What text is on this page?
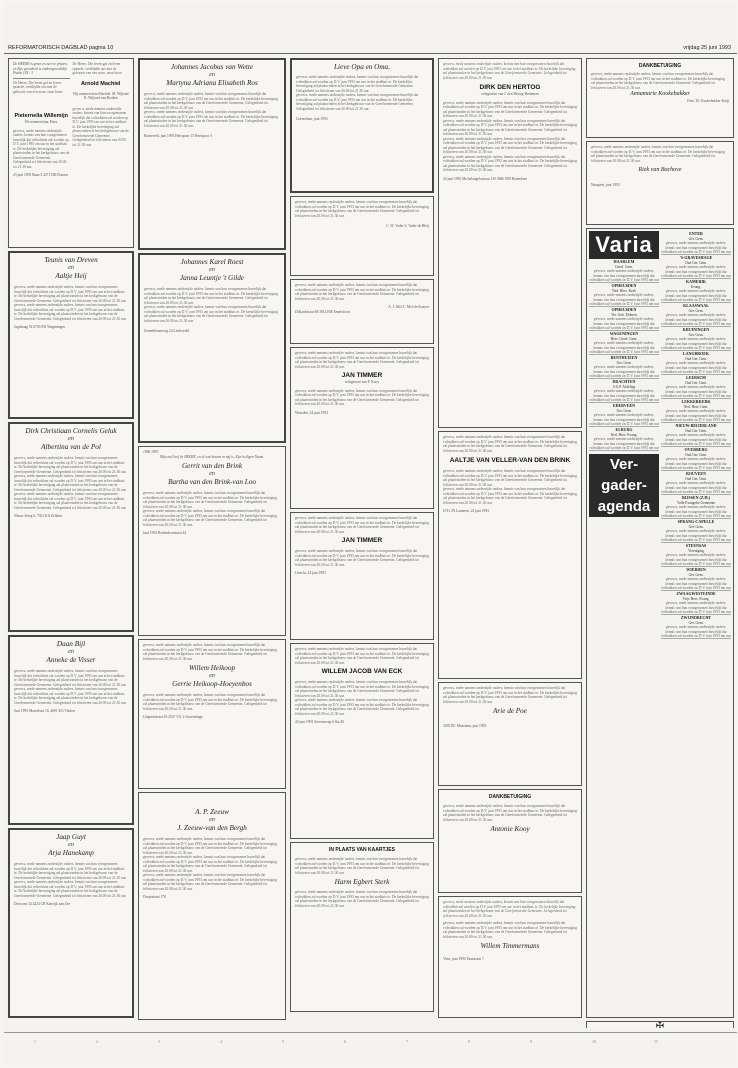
REFORMATORISCH DAGBLAD pagina 10	vrijdag 25 juni 1993
De HEERE is groot en zeer te prijzen, en Zijn grootheid is ondoorgrondelijk. Psalm 145 : 3
De Heere, Die leven gaf en leven spaarde, verblijdde ons met de geboorte van een zoon, onze broer
Pieternella Willemijn
We noemen haar Petra.
geven u, mede namens onderzijde ouders, kennis van hun voorgenomen huwelijk dat voltrokken zal worden op D.V. juni 1993 om uur in het stadhuis te. De kerkelijke bevestiging zal plaatsvinden in het kerkgebouw van de Gereformeerde Gemeente. Gelegenheid tot feliciteren van 20.00 tot 21.30 uur.
De Heere, Die leven gaf en leven spaarde, verblijdde ons met de geboorte van een zoon, onze broer
Arnold Machiel
Wij noemen hem Machiel. M. Wijland N. Wijland-van Reuken
geven u, mede namens onderzijde ouders, kennis van hun voorgenomen huwelijk dat voltrokken zal worden op D.V. juni 1993 om uur in het stadhuis te. De kerkelijke bevestiging zal plaatsvinden in het kerkgebouw van de Gereformeerde Gemeente. Gelegenheid tot feliciteren van 20.00 tot 21.30 uur.
23 juni 1993 Baan 3 4271 HD Dussen
Teunis van Dreven
en
Aaltje Heij
geven u, mede namens onderzijde ouders, kennis van hun voorgenomen huwelijk dat voltrokken zal worden op D.V. juni 1993 om uur in het stadhuis te. De kerkelijke bevestiging zal plaatsvinden in het kerkgebouw van de Gereformeerde Gemeente. Gelegenheid tot feliciteren van 20.00 tot 21.30 uur.
geven u, mede namens onderzijde ouders, kennis van hun voorgenomen huwelijk dat voltrokken zal worden op D.V. juni 1993 om uur in het stadhuis te. De kerkelijke bevestiging zal plaatsvinden in het kerkgebouw van de Gereformeerde Gemeente. Gelegenheid tot feliciteren van 20.00 tot 21.30 uur.
Jagtshaag 54 6700 EN Wageningen
Dirk Christiaan Cornelis Geluk
en
Albertina van de Pol
geven u, mede namens onderzijde ouders, kennis van hun voorgenomen huwelijk dat voltrokken zal worden op D.V. juni 1993 om uur in het stadhuis te. De kerkelijke bevestiging zal plaatsvinden in het kerkgebouw van de Gereformeerde Gemeente. Gelegenheid tot feliciteren van 20.00 tot 21.30 uur.
geven u, mede namens onderzijde ouders, kennis van hun voorgenomen huwelijk dat voltrokken zal worden op D.V. juni 1993 om uur in het stadhuis te. De kerkelijke bevestiging zal plaatsvinden in het kerkgebouw van de Gereformeerde Gemeente. Gelegenheid tot feliciteren van 20.00 tot 21.30 uur.
geven u, mede namens onderzijde ouders, kennis van hun voorgenomen huwelijk dat voltrokken zal worden op D.V. juni 1993 om uur in het stadhuis te. De kerkelijke bevestiging zal plaatsvinden in het kerkgebouw van de Gereformeerde Gemeente. Gelegenheid tot feliciteren van 20.00 tot 21.30 uur.
Nieuw Steeg 6, 7021 KA Zelhem
Daan Bijl
en
Anneke de Visser
geven u, mede namens onderzijde ouders, kennis van hun voorgenomen huwelijk dat voltrokken zal worden op D.V. juni 1993 om uur in het stadhuis te. De kerkelijke bevestiging zal plaatsvinden in het kerkgebouw van de Gereformeerde Gemeente. Gelegenheid tot feliciteren van 20.00 tot 21.30 uur.
geven u, mede namens onderzijde ouders, kennis van hun voorgenomen huwelijk dat voltrokken zal worden op D.V. juni 1993 om uur in het stadhuis te. De kerkelijke bevestiging zal plaatsvinden in het kerkgebouw van de Gereformeerde Gemeente. Gelegenheid tot feliciteren van 20.00 tot 21.30 uur.
Juni 1993 Moreelsen 16, 4691 KG Tholen
Jaap Guyt
en
Arja Hanekamp
geven u, mede namens onderzijde ouders, kennis van hun voorgenomen huwelijk dat voltrokken zal worden op D.V. juni 1993 om uur in het stadhuis te. De kerkelijke bevestiging zal plaatsvinden in het kerkgebouw van de Gereformeerde Gemeente. Gelegenheid tot feliciteren van 20.00 tot 21.30 uur.
geven u, mede namens onderzijde ouders, kennis van hun voorgenomen huwelijk dat voltrokken zal worden op D.V. juni 1993 om uur in het stadhuis te. De kerkelijke bevestiging zal plaatsvinden in het kerkgebouw van de Gereformeerde Gemeente. Gelegenheid tot feliciteren van 20.00 tot 21.30 uur.
Dorscout 34 2224 CB Katwijk aan Zee
Johannes Jacobus van Wette
en
Martyna Adriana Elisabeth Ros
geven u, mede namens onderzijde ouders, kennis van hun voorgenomen huwelijk dat voltrokken zal worden op D.V. juni 1993 om uur in het stadhuis te. De kerkelijke bevestiging zal plaatsvinden in het kerkgebouw van de Gereformeerde Gemeente. Gelegenheid tot feliciteren van 20.00 tot 21.30 uur.
geven u, mede namens onderzijde ouders, kennis van hun voorgenomen huwelijk dat voltrokken zal worden op D.V. juni 1993 om uur in het stadhuis te. De kerkelijke bevestiging zal plaatsvinden in het kerkgebouw van de Gereformeerde Gemeente. Gelegenheid tot feliciteren van 20.00 tot 21.30 uur.
Barneveld, juni 1993 Hertspoor 15 Hertspoor 3
Johannes Karel Roest
en
Janna Leuntje 't Gilde
geven u, mede namens onderzijde ouders, kennis van hun voorgenomen huwelijk dat voltrokken zal worden op D.V. juni 1993 om uur in het stadhuis te. De kerkelijke bevestiging zal plaatsvinden in het kerkgebouw van de Gereformeerde Gemeente. Gelegenheid tot feliciteren van 20.00 tot 21.30 uur.
geven u, mede namens onderzijde ouders, kennis van hun voorgenomen huwelijk dat voltrokken zal worden op D.V. juni 1993 om uur in het stadhuis te. De kerkelijke bevestiging zal plaatsvinden in het kerkgebouw van de Gereformeerde Gemeente. Gelegenheid tot feliciteren van 20.00 tot 21.30 uur.
Zonnebloemweg 24 Leiderveld
1968 1993
Mijn ziel loof de HEERE, en al wat binnen in mij is, Zijn heiligen Naam.
Gerrit van den Brink
en
Bartha van den Brink-van Loo
geven u, mede namens onderzijde ouders, kennis van hun voorgenomen huwelijk dat voltrokken zal worden op D.V. juni 1993 om uur in het stadhuis te. De kerkelijke bevestiging zal plaatsvinden in het kerkgebouw van de Gereformeerde Gemeente. Gelegenheid tot feliciteren van 20.00 tot 21.30 uur.
geven u, mede namens onderzijde ouders, kennis van hun voorgenomen huwelijk dat voltrokken zal worden op D.V. juni 1993 om uur in het stadhuis te. De kerkelijke bevestiging zal plaatsvinden in het kerkgebouw van de Gereformeerde Gemeente. Gelegenheid tot feliciteren van 20.00 tot 21.30 uur.
Juni 1993 Rodendoorstraat 42
geven u, mede namens onderzijde ouders, kennis van hun voorgenomen huwelijk dat voltrokken zal worden op D.V. juni 1993 om uur in het stadhuis te. De kerkelijke bevestiging zal plaatsvinden in het kerkgebouw van de Gereformeerde Gemeente. Gelegenheid tot feliciteren van 20.00 tot 21.30 uur.
Willem Heikoop
en
Gerrie Heikoop-Hoeyenbos
geven u, mede namens onderzijde ouders, kennis van hun voorgenomen huwelijk dat voltrokken zal worden op D.V. juni 1993 om uur in het stadhuis te. De kerkelijke bevestiging zal plaatsvinden in het kerkgebouw van de Gereformeerde Gemeente. Gelegenheid tot feliciteren van 20.00 tot 21.30 uur.
Uitgeeststraat 18 2547 VG 's-Gravenhage
A. P. Zeeuw
en
J. Zeeuw-van den Bergh
geven u, mede namens onderzijde ouders, kennis van hun voorgenomen huwelijk dat voltrokken zal worden op D.V. juni 1993 om uur in het stadhuis te. De kerkelijke bevestiging zal plaatsvinden in het kerkgebouw van de Gereformeerde Gemeente. Gelegenheid tot feliciteren van 20.00 tot 21.30 uur.
geven u, mede namens onderzijde ouders, kennis van hun voorgenomen huwelijk dat voltrokken zal worden op D.V. juni 1993 om uur in het stadhuis te. De kerkelijke bevestiging zal plaatsvinden in het kerkgebouw van de Gereformeerde Gemeente. Gelegenheid tot feliciteren van 20.00 tot 21.30 uur.
geven u, mede namens onderzijde ouders, kennis van hun voorgenomen huwelijk dat voltrokken zal worden op D.V. juni 1993 om uur in het stadhuis te. De kerkelijke bevestiging zal plaatsvinden in het kerkgebouw van de Gereformeerde Gemeente. Gelegenheid tot feliciteren van 20.00 tot 21.30 uur.
Dorpsstraat 178
Lieve Opa en Oma,
geven u, mede namens onderzijde ouders, kennis van hun voorgenomen huwelijk dat voltrokken zal worden op D.V. juni 1993 om uur in het stadhuis te. De kerkelijke bevestiging zal plaatsvinden in het kerkgebouw van de Gereformeerde Gemeente. Gelegenheid tot feliciteren van 20.00 tot 21.30 uur.
geven u, mede namens onderzijde ouders, kennis van hun voorgenomen huwelijk dat voltrokken zal worden op D.V. juni 1993 om uur in het stadhuis te. De kerkelijke bevestiging zal plaatsvinden in het kerkgebouw van de Gereformeerde Gemeente. Gelegenheid tot feliciteren van 20.00 tot 21.30 uur.
Gorinchem, juni 1993
geven u, mede namens onderzijde ouders, kennis van hun voorgenomen huwelijk dat voltrokken zal worden op D.V. juni 1993 om uur in het stadhuis te. De kerkelijke bevestiging zal plaatsvinden in het kerkgebouw van de Gereformeerde Gemeente. Gelegenheid tot feliciteren van 20.00 tot 21.30 uur.
C. W. Vader S. Vader-de Bleij
geven u, mede namens onderzijde ouders, kennis van hun voorgenomen huwelijk dat voltrokken zal worden op D.V. juni 1993 om uur in het stadhuis te. De kerkelijke bevestiging zal plaatsvinden in het kerkgebouw van de Gereformeerde Gemeente. Gelegenheid tot feliciteren van 20.00 tot 21.30 uur.
A. J. Mol C. Mol-de Koeyer
Dollardstraat 68 3812 EM Amersfoort
geven u, mede namens onderzijde ouders, kennis van hun voorgenomen huwelijk dat voltrokken zal worden op D.V. juni 1993 om uur in het stadhuis te. De kerkelijke bevestiging zal plaatsvinden in het kerkgebouw van de Gereformeerde Gemeente. Gelegenheid tot feliciteren van 20.00 tot 21.30 uur.
JAN TIMMER
echtgenoot van F. Kooy
geven u, mede namens onderzijde ouders, kennis van hun voorgenomen huwelijk dat voltrokken zal worden op D.V. juni 1993 om uur in het stadhuis te. De kerkelijke bevestiging zal plaatsvinden in het kerkgebouw van de Gereformeerde Gemeente. Gelegenheid tot feliciteren van 20.00 tot 21.30 uur.
Woerden, 24 juni 1993
geven u, mede namens onderzijde ouders, kennis van hun voorgenomen huwelijk dat voltrokken zal worden op D.V. juni 1993 om uur in het stadhuis te. De kerkelijke bevestiging zal plaatsvinden in het kerkgebouw van de Gereformeerde Gemeente. Gelegenheid tot feliciteren van 20.00 tot 21.30 uur.
JAN TIMMER
geven u, mede namens onderzijde ouders, kennis van hun voorgenomen huwelijk dat voltrokken zal worden op D.V. juni 1993 om uur in het stadhuis te. De kerkelijke bevestiging zal plaatsvinden in het kerkgebouw van de Gereformeerde Gemeente. Gelegenheid tot feliciteren van 20.00 tot 21.30 uur.
Utrecht, 24 juni 1993
geven u, mede namens onderzijde ouders, kennis van hun voorgenomen huwelijk dat voltrokken zal worden op D.V. juni 1993 om uur in het stadhuis te. De kerkelijke bevestiging zal plaatsvinden in het kerkgebouw van de Gereformeerde Gemeente. Gelegenheid tot feliciteren van 20.00 tot 21.30 uur.
WILLEM JACOB VAN ECK
geven u, mede namens onderzijde ouders, kennis van hun voorgenomen huwelijk dat voltrokken zal worden op D.V. juni 1993 om uur in het stadhuis te. De kerkelijke bevestiging zal plaatsvinden in het kerkgebouw van de Gereformeerde Gemeente. Gelegenheid tot feliciteren van 20.00 tot 21.30 uur.
geven u, mede namens onderzijde ouders, kennis van hun voorgenomen huwelijk dat voltrokken zal worden op D.V. juni 1993 om uur in het stadhuis te. De kerkelijke bevestiging zal plaatsvinden in het kerkgebouw van de Gereformeerde Gemeente. Gelegenheid tot feliciteren van 20.00 tot 21.30 uur.
24 juni 1993 Stevensweg 6 flat 40
IN PLAATS VAN KAARTJES
geven u, mede namens onderzijde ouders, kennis van hun voorgenomen huwelijk dat voltrokken zal worden op D.V. juni 1993 om uur in het stadhuis te. De kerkelijke bevestiging zal plaatsvinden in het kerkgebouw van de Gereformeerde Gemeente. Gelegenheid tot feliciteren van 20.00 tot 21.30 uur.
Harm Egbert Sterk
geven u, mede namens onderzijde ouders, kennis van hun voorgenomen huwelijk dat voltrokken zal worden op D.V. juni 1993 om uur in het stadhuis te. De kerkelijke bevestiging zal plaatsvinden in het kerkgebouw van de Gereformeerde Gemeente. Gelegenheid tot feliciteren van 20.00 tot 21.30 uur.
geven u, mede namens onderzijde ouders, kennis van hun voorgenomen huwelijk dat voltrokken zal worden op D.V. juni 1993 om uur in het stadhuis te. De kerkelijke bevestiging zal plaatsvinden in het kerkgebouw van de Gereformeerde Gemeente. Gelegenheid tot feliciteren van 20.00 tot 21.30 uur.
DIRK DEN HERTOG
echtgenoot van J. den Hertog-Breteman
geven u, mede namens onderzijde ouders, kennis van hun voorgenomen huwelijk dat voltrokken zal worden op D.V. juni 1993 om uur in het stadhuis te. De kerkelijke bevestiging zal plaatsvinden in het kerkgebouw van de Gereformeerde Gemeente. Gelegenheid tot feliciteren van 20.00 tot 21.30 uur.
geven u, mede namens onderzijde ouders, kennis van hun voorgenomen huwelijk dat voltrokken zal worden op D.V. juni 1993 om uur in het stadhuis te. De kerkelijke bevestiging zal plaatsvinden in het kerkgebouw van de Gereformeerde Gemeente. Gelegenheid tot feliciteren van 20.00 tot 21.30 uur.
geven u, mede namens onderzijde ouders, kennis van hun voorgenomen huwelijk dat voltrokken zal worden op D.V. juni 1993 om uur in het stadhuis te. De kerkelijke bevestiging zal plaatsvinden in het kerkgebouw van de Gereformeerde Gemeente. Gelegenheid tot feliciteren van 20.00 tot 21.30 uur.
geven u, mede namens onderzijde ouders, kennis van hun voorgenomen huwelijk dat voltrokken zal worden op D.V. juni 1993 om uur in het stadhuis te. De kerkelijke bevestiging zal plaatsvinden in het kerkgebouw van de Gereformeerde Gemeente. Gelegenheid tot feliciteren van 20.00 tot 21.30 uur.
24 juni 1993 Michelangelostraat 130 3066 NM Rotterdam
geven u, mede namens onderzijde ouders, kennis van hun voorgenomen huwelijk dat voltrokken zal worden op D.V. juni 1993 om uur in het stadhuis te. De kerkelijke bevestiging zal plaatsvinden in het kerkgebouw van de Gereformeerde Gemeente. Gelegenheid tot feliciteren van 20.00 tot 21.30 uur.
AALTJE VAN VELLER-VAN DEN BRINK
geven u, mede namens onderzijde ouders, kennis van hun voorgenomen huwelijk dat voltrokken zal worden op D.V. juni 1993 om uur in het stadhuis te. De kerkelijke bevestiging zal plaatsvinden in het kerkgebouw van de Gereformeerde Gemeente. Gelegenheid tot feliciteren van 20.00 tot 21.30 uur.
geven u, mede namens onderzijde ouders, kennis van hun voorgenomen huwelijk dat voltrokken zal worden op D.V. juni 1993 om uur in het stadhuis te. De kerkelijke bevestiging zal plaatsvinden in het kerkgebouw van de Gereformeerde Gemeente. Gelegenheid tot feliciteren van 20.00 tot 21.30 uur.
6741 JN Lunteren, 24 juni 1993
geven u, mede namens onderzijde ouders, kennis van hun voorgenomen huwelijk dat voltrokken zal worden op D.V. juni 1993 om uur in het stadhuis te. De kerkelijke bevestiging zal plaatsvinden in het kerkgebouw van de Gereformeerde Gemeente. Gelegenheid tot feliciteren van 20.00 tot 21.30 uur.
Arie de Poe
3295 BC Maasdam, juni 1993
DANKBETUIGING
geven u, mede namens onderzijde ouders, kennis van hun voorgenomen huwelijk dat voltrokken zal worden op D.V. juni 1993 om uur in het stadhuis te. De kerkelijke bevestiging zal plaatsvinden in het kerkgebouw van de Gereformeerde Gemeente. Gelegenheid tot feliciteren van 20.00 tot 21.30 uur.
Antonie Kooy
geven u, mede namens onderzijde ouders, kennis van hun voorgenomen huwelijk dat voltrokken zal worden op D.V. juni 1993 om uur in het stadhuis te. De kerkelijke bevestiging zal plaatsvinden in het kerkgebouw van de Gereformeerde Gemeente. Gelegenheid tot feliciteren van 20.00 tot 21.30 uur.
geven u, mede namens onderzijde ouders, kennis van hun voorgenomen huwelijk dat voltrokken zal worden op D.V. juni 1993 om uur in het stadhuis te. De kerkelijke bevestiging zal plaatsvinden in het kerkgebouw van de Gereformeerde Gemeente. Gelegenheid tot feliciteren van 20.00 tot 21.30 uur.
Willem Timmermans
Veen, juni 1993 Tuinstraat 7
DANKBETUIGING
geven u, mede namens onderzijde ouders, kennis van hun voorgenomen huwelijk dat voltrokken zal worden op D.V. juni 1993 om uur in het stadhuis te. De kerkelijke bevestiging zal plaatsvinden in het kerkgebouw van de Gereformeerde Gemeente. Gelegenheid tot feliciteren van 20.00 tot 21.30 uur.
Annamarie Kookebakker
Fam. Th. Kookebakker-Kuijt
geven u, mede namens onderzijde ouders, kennis van hun voorgenomen huwelijk dat voltrokken zal worden op D.V. juni 1993 om uur in het stadhuis te. De kerkelijke bevestiging zal plaatsvinden in het kerkgebouw van de Gereformeerde Gemeente. Gelegenheid tot feliciteren van 20.00 tot 21.30 uur.
Riek van Bochove
Naaspeet, juni 1993
Varia
HAARLEM
Geref. Gem.
geven u, mede namens onderzijde ouders, kennis van hun voorgenomen huwelijk dat voltrokken zal worden op D.V. juni 1993 om uur
OPHEUSDEN
Ned. Herv. Kerk
geven u, mede namens onderzijde ouders, kennis van hun voorgenomen huwelijk dat voltrokken zal worden op D.V. juni 1993 om uur
OPHEUSDEN
Ver. Geb. Elderen
geven u, mede namens onderzijde ouders, kennis van hun voorgenomen huwelijk dat voltrokken zal worden op D.V. juni 1993 om uur
WAGENINGEN
Herv. Geref. Gem.
geven u, mede namens onderzijde ouders, kennis van hun voorgenomen huwelijk dat voltrokken zal worden op D.V. juni 1993 om uur
BENTHUIZEN
Ger. Gem.
geven u, mede namens onderzijde ouders, kennis van hun voorgenomen huwelijk dat voltrokken zal worden op D.V. juni 1993 om uur
DRACHTEN
S.G.P. Afdeling
geven u, mede namens onderzijde ouders, kennis van hun voorgenomen huwelijk dat voltrokken zal worden op D.V. juni 1993 om uur
EDERVEEN
Ger. Gem.
geven u, mede namens onderzijde ouders, kennis van hun voorgenomen huwelijk dat voltrokken zal worden op D.V. juni 1993 om uur
ELBURG
Ned. Herv. Evang.
geven u, mede namens onderzijde ouders, kennis van hun voorgenomen huwelijk dat voltrokken zal worden op D.V. juni 1993 om uur
Ver-
gader-
agenda
ENTER
Ger. Gem.
geven u, mede namens onderzijde ouders, kennis van hun voorgenomen huwelijk dat voltrokken zal worden op D.V. juni 1993 om uur
'S-GRAVESHAGE
Oud Ger. Gem.
geven u, mede namens onderzijde ouders, kennis van hun voorgenomen huwelijk dat voltrokken zal worden op D.V. juni 1993 om uur
KAMERIK
Evang.
geven u, mede namens onderzijde ouders, kennis van hun voorgenomen huwelijk dat voltrokken zal worden op D.V. juni 1993 om uur
KLAASWAAL
Ger. Gem.
geven u, mede namens onderzijde ouders, kennis van hun voorgenomen huwelijk dat voltrokken zal worden op D.V. juni 1993 om uur
KRUININGEN
Ger. Gem.
geven u, mede namens onderzijde ouders, kennis van hun voorgenomen huwelijk dat voltrokken zal worden op D.V. juni 1993 om uur
LANGBROEK
Oud Ger. Gem.
geven u, mede namens onderzijde ouders, kennis van hun voorgenomen huwelijk dat voltrokken zal worden op D.V. juni 1993 om uur
LEERSUM
Oud Ger. Gem.
geven u, mede namens onderzijde ouders, kennis van hun voorgenomen huwelijk dat voltrokken zal worden op D.V. juni 1993 om uur
LEKKERKERK
Ned. Herv. Gem.
geven u, mede namens onderzijde ouders, kennis van hun voorgenomen huwelijk dat voltrokken zal worden op D.V. juni 1993 om uur
NIEUW-BEIJERLAND
Oud Ger. Gem.
geven u, mede namens onderzijde ouders, kennis van hun voorgenomen huwelijk dat voltrokken zal worden op D.V. juni 1993 om uur
OVERBERG
Oud Ger. Gem.
geven u, mede namens onderzijde ouders, kennis van hun voorgenomen huwelijk dat voltrokken zal worden op D.V. juni 1993 om uur
ROUVEEN
Oud Ger. Gem.
geven u, mede namens onderzijde ouders, kennis van hun voorgenomen huwelijk dat voltrokken zal worden op D.V. juni 1993 om uur
RIJSSEN (Z.H.)
Volle Evangelie Gemeente
geven u, mede namens onderzijde ouders, kennis van hun voorgenomen huwelijk dat voltrokken zal worden op D.V. juni 1993 om uur
SPRANG-CAPELLE
Ger. Gem.
geven u, mede namens onderzijde ouders, kennis van hun voorgenomen huwelijk dat voltrokken zal worden op D.V. juni 1993 om uur
STEENSAS
Vereniging
geven u, mede namens onderzijde ouders, kennis van hun voorgenomen huwelijk dat voltrokken zal worden op D.V. juni 1993 om uur
WIERDEN
Ger. Gem.
geven u, mede namens onderzijde ouders, kennis van hun voorgenomen huwelijk dat voltrokken zal worden op D.V. juni 1993 om uur
ZWAAGWESTEINDE
Vrije Herv. Evang.
geven u, mede namens onderzijde ouders, kennis van hun voorgenomen huwelijk dat voltrokken zal worden op D.V. juni 1993 om uur
ZWIJNDRECHT
Ger. Gem.
geven u, mede namens onderzijde ouders, kennis van hun voorgenomen huwelijk dat voltrokken zal worden op D.V. juni 1993 om uur
✠
1	2	3	4	5	6	7	8	9	10	11
